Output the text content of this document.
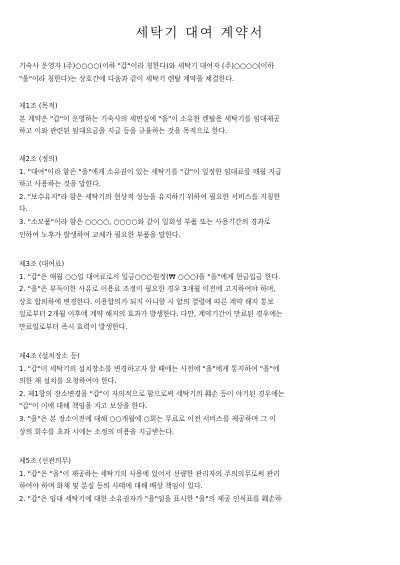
세탁기 대여 계약서
기숙사 운영자 (주)○○○○(이하 "갑"이라 칭한다)와 세탁기 대여자 (주)○○○○(이하
"을"이라 칭한다)는 상호간에 다음과 같이 세탁기 렌탈 계약을 체결한다.
제1조 (목적)
본 계약은 "갑"이 운영하는 기숙사의 세면실에 "을"이 소유한 렌탈용 세탁기를 임대제공
하고 이와 관련된 임대요금을 지급 등을 규율하는 것을 목적으로 한다.
제2조 (정의)
1. "대여"이라 함은 "을"에게 소유권이 있는 세탁기를 "갑"이 일정한 임대료를 매월 지급
하고 사용하는 것을 말한다.
2. "보수유지"라 함은 세탁기의 현상적 성능을 유지하기 위하여 필요한 서비스를 지칭한
다.
3. "소모품"이라 함은 ○○○○, ○○○○와 같이 일회성 부품 또는 사용기간의 경과로
인하여 노후가 발생하여 교체가 필요한 부품을 말한다.
제3조 (대여료)
1. "갑"은 매월 ○○일 대여료로서 일금○○○원정(₩ ○○○)을 "을"에게 현금입금 한다.
2. "을"은 부득이한 사유로 이용료 조정이 필요한 경우 3개월 이전에 고지하여야 하며,
상호 합의하에 변경한다. 이용합의가 되지 아니할 시 합의 결렬에 따른 계약 해지 통보
일로부터 2개월 이후에 계약 해지의 효과가 발생한다. 다만, 계약기간이 만료된 경우에는
만료일로부터 즉시 효력이 발생한다.
제4조 (설치장소 등)
1. "갑"이 세탁기의 설치장소를 변경하고자 할 때에는 사전에 "을"에게 통지하여 "을"에
의한 재 설치를 요청하여야 한다.
2. 제1항의 장소변경을 "갑"이 자의적으로 함으로써 세탁기의 훼손 등이 야기된 경우에는
"갑"이 이에 대해 책임을 지고 보상을 한다.
3. "을"은 본 장소이전에 대해 ○○개월에 ○회는 무료로 이전 서비스를 제공하며 그 이
상의 회수를 초과 시에는 소정의 비용을 지급받는다.
제5조 (선관의무)
1. "갑"은 "을"이 제공하는 세탁기의 사용에 있어서 선량한 관리자의 주의의무로써 관리
하여야 하며 화재 및 분실 등의 사태에 대해 배상 책임이 있다.
2. "갑"은 임대 세탁기에 대한 소유권자가 "을"임을 표시한 "을"의 제공 인식표를 훼손하
